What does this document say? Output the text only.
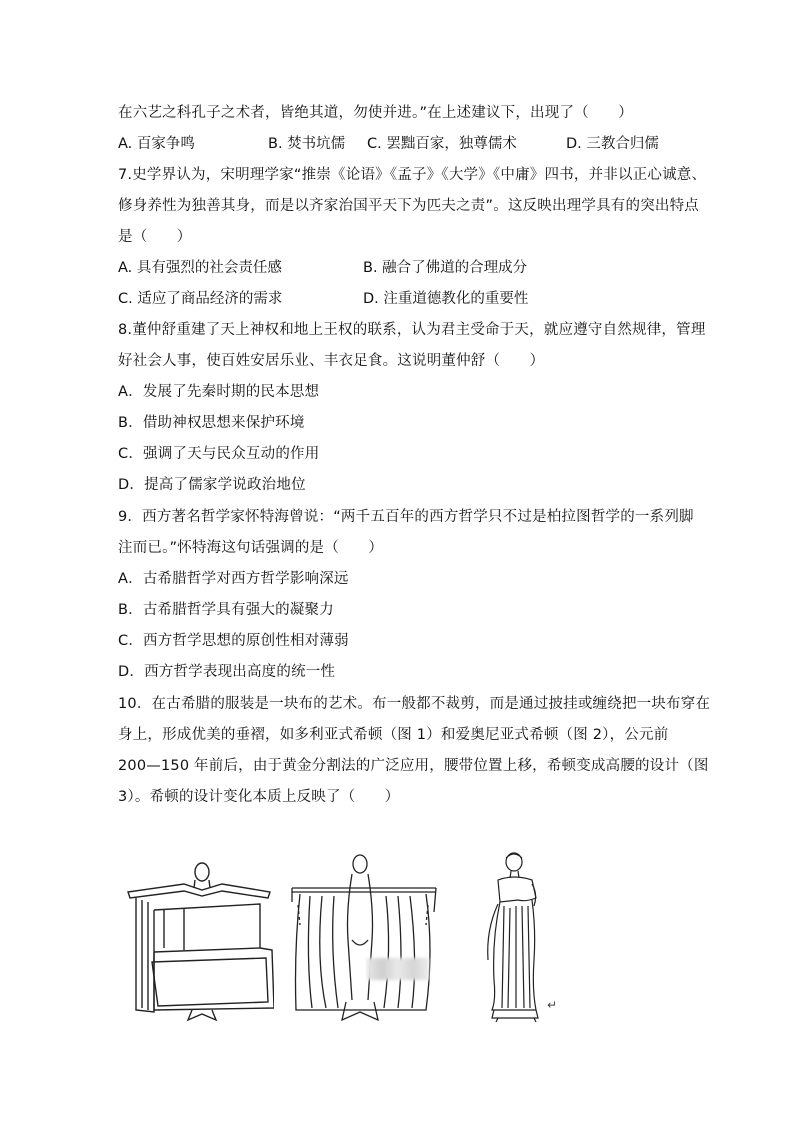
在六艺之科孔子之术者，皆绝其道，勿使并进。”在上述建议下，出现了（　　）
A. 百家争鸣	B. 焚书坑儒 C. 罢黜百家，独尊儒术	D. 三教合归儒
7.史学界认为，宋明理学家“推崇《论语》《孟子》《大学》《中庸》四书，并非以正心诚意、
修身养性为独善其身，而是以齐家治国平天下为匹夫之责”。这反映出理学具有的突出特点
是（　　）
A. 具有强烈的社会责任感	B. 融合了佛道的合理成分
C. 适应了商品经济的需求	D. 注重道德教化的重要性
8.董仲舒重建了天上神权和地上王权的联系，认为君主受命于天，就应遵守自然规律，管理
好社会人事，使百姓安居乐业、丰衣足食。这说明董仲舒（　　）
A．发展了先秦时期的民本思想
B．借助神权思想来保护环境
C．强调了天与民众互动的作用
D．提高了儒家学说政治地位
9．西方著名哲学家怀特海曾说：“两千五百年的西方哲学只不过是柏拉图哲学的一系列脚
注而已。”怀特海这句话强调的是（　　）
A．古希腊哲学对西方哲学影响深远
B．古希腊哲学具有强大的凝聚力
C．西方哲学思想的原创性相对薄弱
D．西方哲学表现出高度的统一性
10．在古希腊的服装是一块布的艺术。布一般都不裁剪，而是通过披挂或缠绕把一块布穿在
身上，形成优美的垂褶，如多利亚式希顿（图 1）和爱奥尼亚式希顿（图 2），公元前
200—150 年前后，由于黄金分割法的广泛应用，腰带位置上移，希顿变成高腰的设计（图
3）。希顿的设计变化本质上反映了（　　）
↵
